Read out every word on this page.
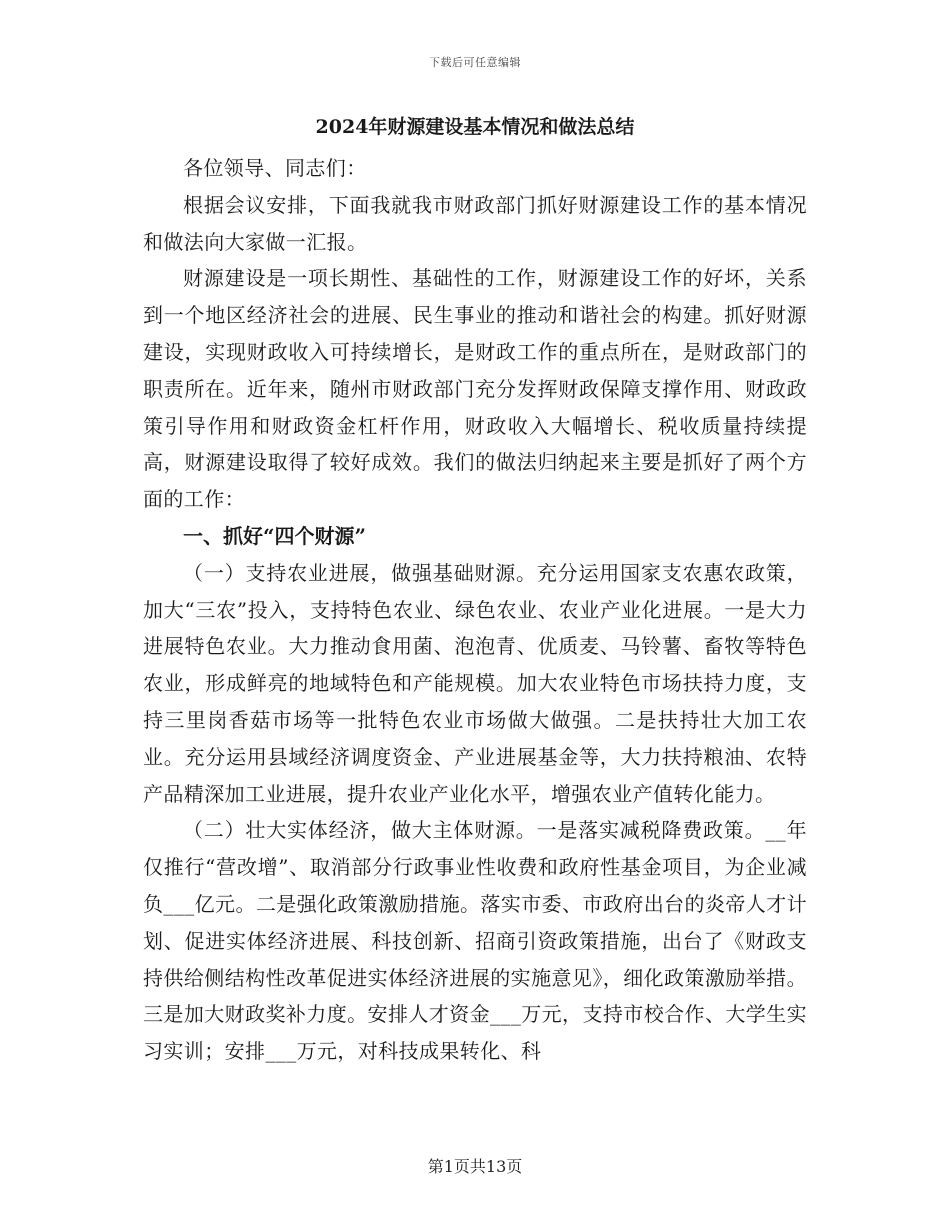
下载后可任意编辑
2024年财源建设基本情况和做法总结

各位领导、同志们：

根据会议安排，下面我就我市财政部门抓好财源建设工作的基本情况和做法向大家做一汇报。

财源建设是一项长期性、基础性的工作，财源建设工作的好坏，关系到一个地区经济社会的进展、民生事业的推动和谐社会的构建。抓好财源建设，实现财政收入可持续增长，是财政工作的重点所在，是财政部门的职责所在。近年来，随州市财政部门充分发挥财政保障支撑作用、财政政策引导作用和财政资金杠杆作用，财政收入大幅增长、税收质量持续提高，财源建设取得了较好成效。我们的做法归纳起来主要是抓好了两个方面的工作：

一、抓好“四个财源”

（一）支持农业进展，做强基础财源。充分运用国家支农惠农政策，加大“三农”投入，支持特色农业、绿色农业、农业产业化进展。一是大力进展特色农业。大力推动食用菌、泡泡青、优质麦、马铃薯、畜牧等特色农业，形成鲜亮的地域特色和产能规模。加大农业特色市场扶持力度，支持三里岗香菇市场等一批特色农业市场做大做强。二是扶持壮大加工农业。充分运用县域经济调度资金、产业进展基金等，大力扶持粮油、农特产品精深加工业进展，提升农业产业化水平，增强农业产值转化能力。

（二）壮大实体经济，做大主体财源。一是落实减税降费政策。__年仅推行“营改增”、取消部分行政事业性收费和政府性基金项目，为企业减负___亿元。二是强化政策激励措施。落实市委、市政府出台的炎帝人才计划、促进实体经济进展、科技创新、招商引资政策措施，出台了《财政支持供给侧结构性改革促进实体经济进展的实施意见》，细化政策激励举措。三是加大财政奖补力度。安排人才资金___万元，支持市校合作、大学生实习实训；安排___万元，对科技成果转化、科

第1页共13页
